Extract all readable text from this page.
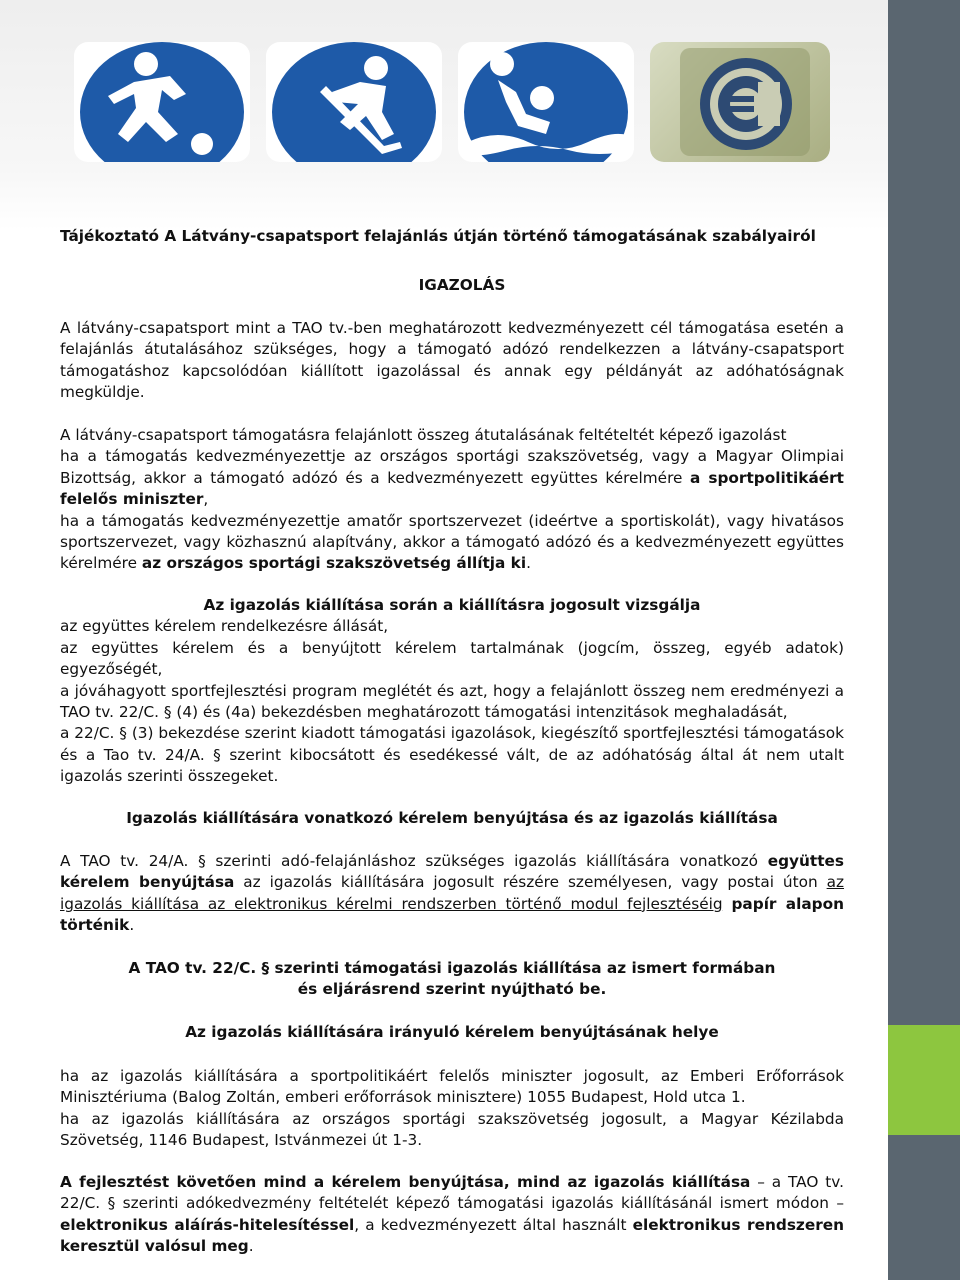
Tájékoztató A Látvány-csapatsport felajánlás útján történő támogatásának szabályairól

IGAZOLÁS

A látvány-csapatsport mint a TAO tv.-ben meghatározott kedvezményezett cél támogatása esetén a felajánlás átutalásához szükséges, hogy a támogató adózó rendelkezzen a látvány-csapatsport támogatáshoz kapcsolódóan kiállított igazolással és annak egy példányát az adóhatóságnak megküldje.

A látvány-csapatsport támogatásra felajánlott összeg átutalásának feltételtét képező igazolást

ha a támogatás kedvezményezettje az országos sportági szakszövetség, vagy a Magyar Olimpiai Bizottság, akkor a támogató adózó és a kedvezményezett együttes kérelmére a sportpolitikáért felelős miniszter,

ha a támogatás kedvezményezettje amatőr sportszervezet (ideértve a sportiskolát), vagy hivatásos sportszervezet, vagy közhasznú alapítvány, akkor a támogató adózó és a kedvezményezett együttes kérelmére az országos sportági szakszövetség állítja ki.

Az igazolás kiállítása során a kiállításra jogosult vizsgálja

az együttes kérelem rendelkezésre állását,

az együttes kérelem és a benyújtott kérelem tartalmának (jogcím, összeg, egyéb adatok) egyezőségét,

a jóváhagyott sportfejlesztési program meglétét és azt, hogy a felajánlott összeg nem eredményezi a TAO tv. 22/C. § (4) és (4a) bekezdésben meghatározott támogatási intenzitások meghaladását,

a 22/C. § (3) bekezdése szerint kiadott támogatási igazolások, kiegészítő sportfejlesztési támogatások és a Tao tv. 24/A. § szerint kibocsátott és esedékessé vált, de az adóhatóság által át nem utalt igazolás szerinti összegeket.

Igazolás kiállítására vonatkozó kérelem benyújtása és az igazolás kiállítása

A TAO tv. 24/A. § szerinti adó-felajánláshoz szükséges igazolás kiállítására vonatkozó együttes kérelem benyújtása az igazolás kiállítására jogosult részére személyesen, vagy postai úton az igazolás kiállítása az elektronikus kérelmi rendszerben történő modul fejlesztéséig papír alapon történik.

A TAO tv. 22/C. § szerinti támogatási igazolás kiállítása az ismert formában és eljárásrend szerint nyújtható be.

Az igazolás kiállítására irányuló kérelem benyújtásának helye

ha az igazolás kiállítására a sportpolitikáért felelős miniszter jogosult, az Emberi Erőforrások Minisztériuma (Balog Zoltán, emberi erőforrások minisztere) 1055 Budapest, Hold utca 1.

ha az igazolás kiállítására az országos sportági szakszövetség jogosult, a Magyar Kézilabda Szövetség, 1146 Budapest, Istvánmezei út 1-3.

A fejlesztést követően mind a kérelem benyújtása, mind az igazolás kiállítása – a TAO tv. 22/C. § szerinti adókedvezmény feltételét képező támogatási igazolás kiállításánál ismert módon – elektronikus aláírás-hitelesítéssel, a kedvezményezett által használt elektronikus rendszeren keresztül valósul meg.
